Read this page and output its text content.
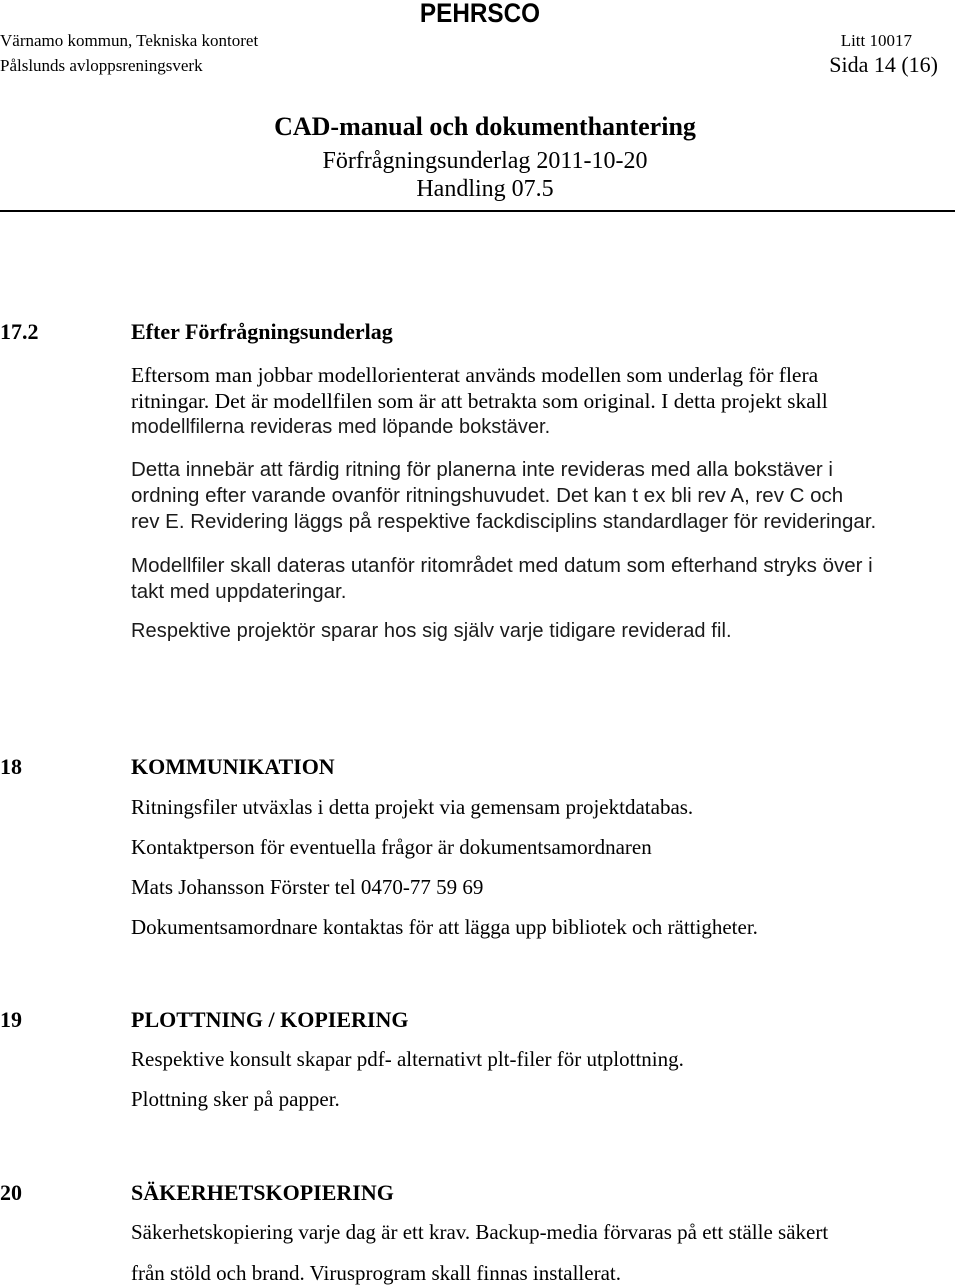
PEHRSCO
Värnamo kommun, Tekniska kontoret	Litt 10017
Pålslunds avloppsreningsverk	Sida 14 (16)
CAD-manual och dokumenthantering
Förfrågningsunderlag 2011-10-20
Handling 07.5
17.2	Efter Förfrågningsunderlag
Eftersom man jobbar modellorienterat används modellen som underlag för flera
ritningar. Det är modellfilen som är att betrakta som original. I detta projekt skall
modellfilerna revideras med löpande bokstäver.
Detta innebär att färdig ritning för planerna inte revideras med alla bokstäver i
ordning efter varande ovanför ritningshuvudet. Det kan t ex bli rev A, rev C och
rev E. Revidering läggs på respektive fackdisciplins standardlager för revideringar.
Modellfiler skall dateras utanför ritområdet med datum som efterhand stryks över i
takt med uppdateringar.
Respektive projektör sparar hos sig själv varje tidigare reviderad fil.
18	KOMMUNIKATION
Ritningsfiler utväxlas i detta projekt via gemensam projektdatabas.
Kontaktperson för eventuella frågor är dokumentsamordnaren
Mats Johansson Förster tel 0470-77 59 69
Dokumentsamordnare kontaktas för att lägga upp bibliotek och rättigheter.
19	PLOTTNING / KOPIERING
Respektive konsult skapar pdf- alternativt plt-filer för utplottning.
Plottning sker på papper.
20	SÄKERHETSKOPIERING
Säkerhetskopiering varje dag är ett krav. Backup-media förvaras på ett ställe säkert
från stöld och brand. Virusprogram skall finnas installerat.
